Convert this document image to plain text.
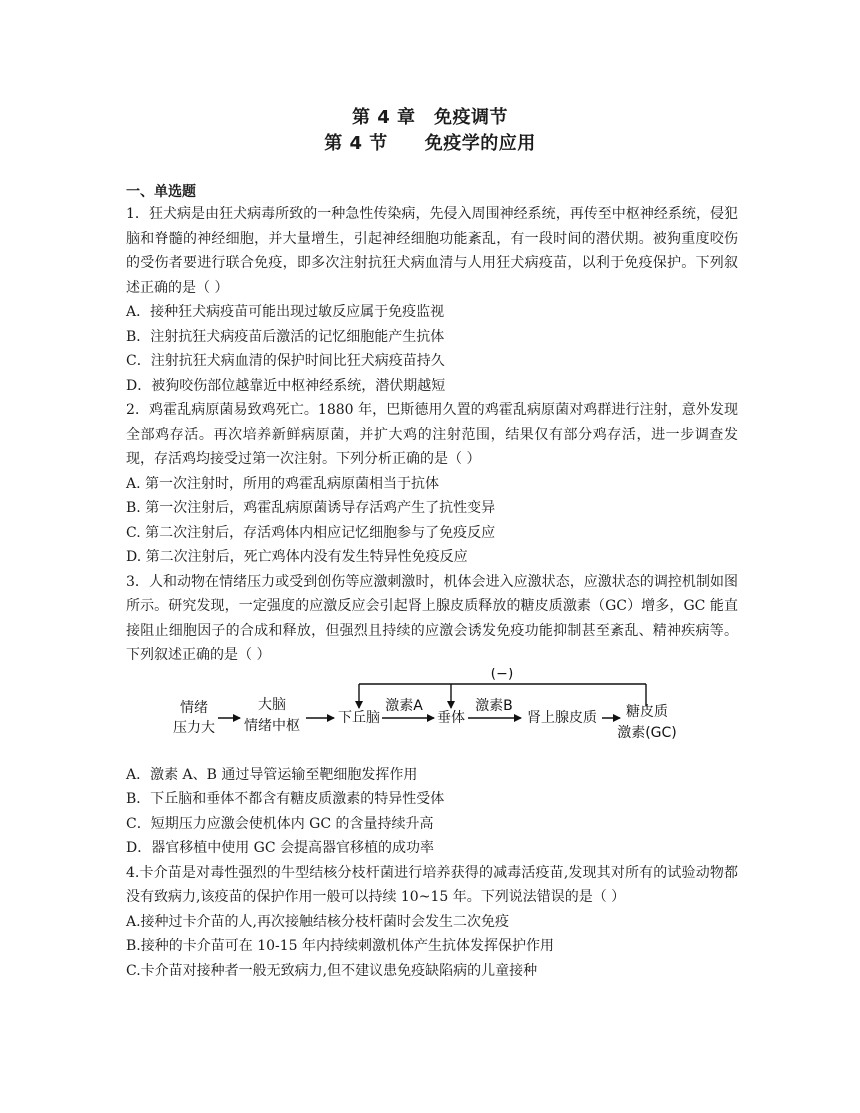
第 4 章　免疫调节
第 4 节　　免疫学的应用
一、单选题

1．狂犬病是由狂犬病毒所致的一种急性传染病，先侵入周围神经系统，再传至中枢神经系统，侵犯脑和脊髓的神经细胞，并大量增生，引起神经细胞功能紊乱，有一段时间的潜伏期。被狗重度咬伤的受伤者要进行联合免疫，即多次注射抗狂犬病血清与人用狂犬病疫苗，以利于免疫保护。下列叙述正确的是（ ）

A．接种狂犬病疫苗可能出现过敏反应属于免疫监视

B．注射抗狂犬病疫苗后激活的记忆细胞能产生抗体

C．注射抗狂犬病血清的保护时间比狂犬病疫苗持久

D．被狗咬伤部位越靠近中枢神经系统，潜伏期越短

2．鸡霍乱病原菌易致鸡死亡。1880 年，巴斯德用久置的鸡霍乱病原菌对鸡群进行注射，意外发现全部鸡存活。再次培养新鲜病原菌，并扩大鸡的注射范围，结果仅有部分鸡存活，进一步调查发现，存活鸡均接受过第一次注射。下列分析正确的是（ ）

A. 第一次注射时，所用的鸡霍乱病原菌相当于抗体

B. 第一次注射后，鸡霍乱病原菌诱导存活鸡产生了抗性变异

C. 第二次注射后，存活鸡体内相应记忆细胞参与了免疫反应

D. 第二次注射后，死亡鸡体内没有发生特异性免疫反应

3．人和动物在情绪压力或受到创伤等应激刺激时，机体会进入应激状态，应激状态的调控机制如图所示。研究发现，一定强度的应激反应会引起肾上腺皮质释放的糖皮质激素（GC）增多，GC 能直接阻止细胞因子的合成和释放，但强烈且持续的应激会诱发免疫功能抑制甚至紊乱、精神疾病等。下列叙述正确的是（ ）

(−)
情绪
压力大
大脑
情绪中枢	下丘脑
激素A
垂体
激素B
肾上腺皮质 糖皮质
激素(GC)

A．激素 A、B 通过导管运输至靶细胞发挥作用

B．下丘脑和垂体不都含有糖皮质激素的特异性受体

C．短期压力应激会使机体内 GC 的含量持续升高

D．器官移植中使用 GC 会提高器官移植的成功率

4.卡介苗是对毒性强烈的牛型结核分枝杆菌进行培养获得的减毒活疫苗,发现其对所有的试验动物都没有致病力,该疫苗的保护作用一般可以持续 10~15 年。下列说法错误的是（ ）

A.接种过卡介苗的人,再次接触结核分枝杆菌时会发生二次免疫

B.接种的卡介苗可在 10-15 年内持续刺激机体产生抗体发挥保护作用

C.卡介苗对接种者一般无致病力,但不建议患免疫缺陷病的儿童接种
